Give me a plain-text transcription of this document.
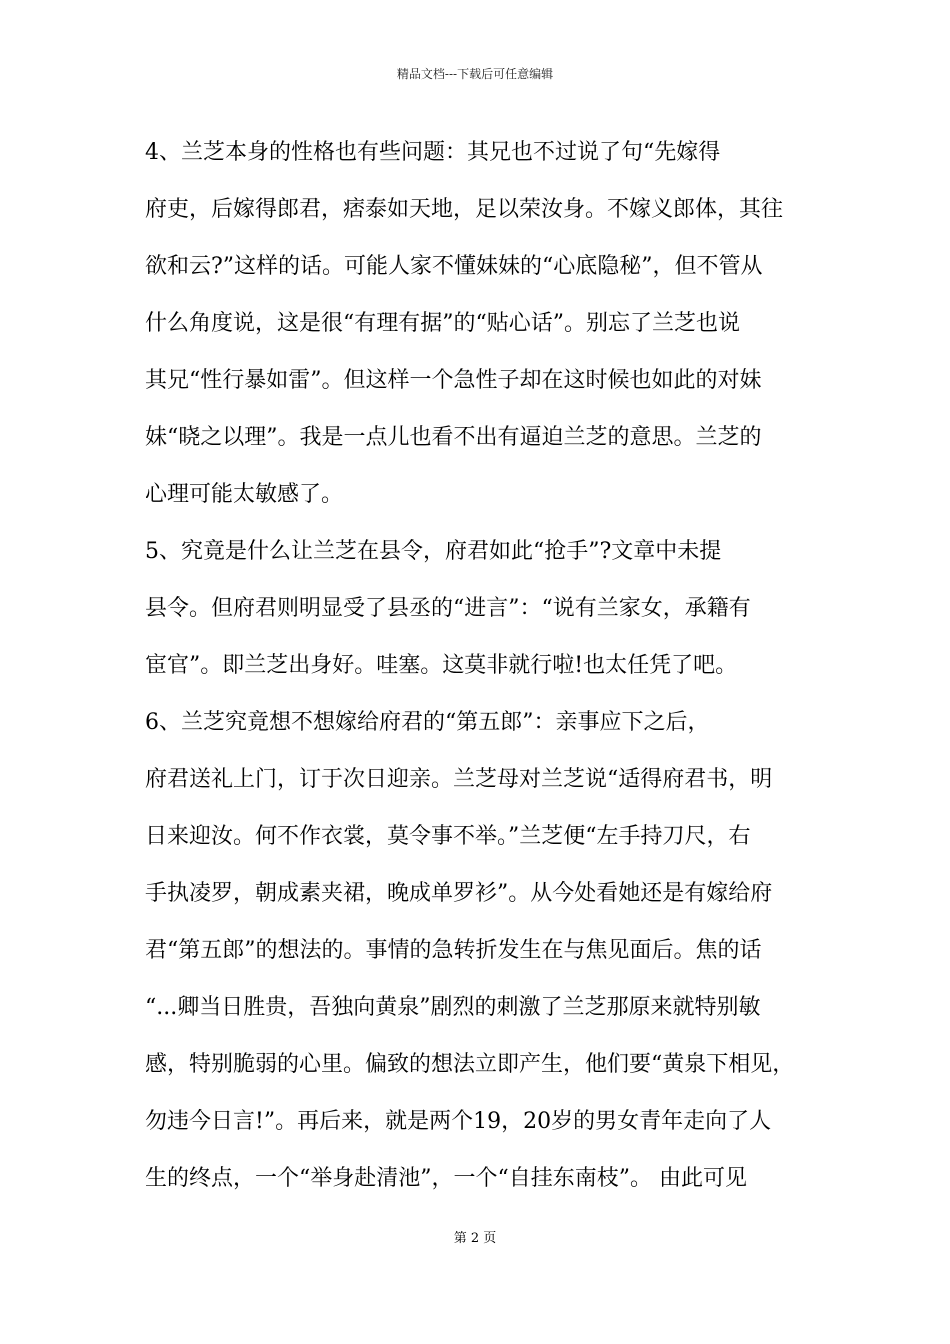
精品文档---下载后可任意编辑
4、兰芝本身的性格也有些问题：其兄也不过说了句“先嫁得
府吏，后嫁得郎君，痞泰如天地，足以荣汝身。不嫁义郎体，其往
欲和云?”这样的话。可能人家不懂妹妹的“心底隐秘”，但不管从
什么角度说，这是很“有理有据”的“贴心话”。别忘了兰芝也说
其兄“性行暴如雷”。但这样一个急性子却在这时候也如此的对妹
妹“晓之以理”。我是一点儿也看不出有逼迫兰芝的意思。兰芝的
心理可能太敏感了。
5、究竟是什么让兰芝在县令，府君如此“抢手”?文章中未提
县令。但府君则明显受了县丞的“进言”：“说有兰家女，承籍有
宦官”。即兰芝出身好。哇塞。这莫非就行啦!也太任凭了吧。
6、兰芝究竟想不想嫁给府君的“第五郎”：亲事应下之后，
府君送礼上门，订于次日迎亲。兰芝母对兰芝说“适得府君书，明
日来迎汝。何不作衣裳，莫令事不举。”兰芝便“左手持刀尺，右
手执凌罗，朝成素夹裙，晚成单罗衫”。从今处看她还是有嫁给府
君“第五郎”的想法的。事情的急转折发生在与焦见面后。焦的话
“...卿当日胜贵，吾独向黄泉”剧烈的刺激了兰芝那原来就特别敏
感，特别脆弱的心里。偏致的想法立即产生，他们要“黄泉下相见，
勿违今日言!”。再后来，就是两个19，20岁的男女青年走向了人
生的终点，一个“举身赴清池”，一个“自挂东南枝”。 由此可见
第 2 页
